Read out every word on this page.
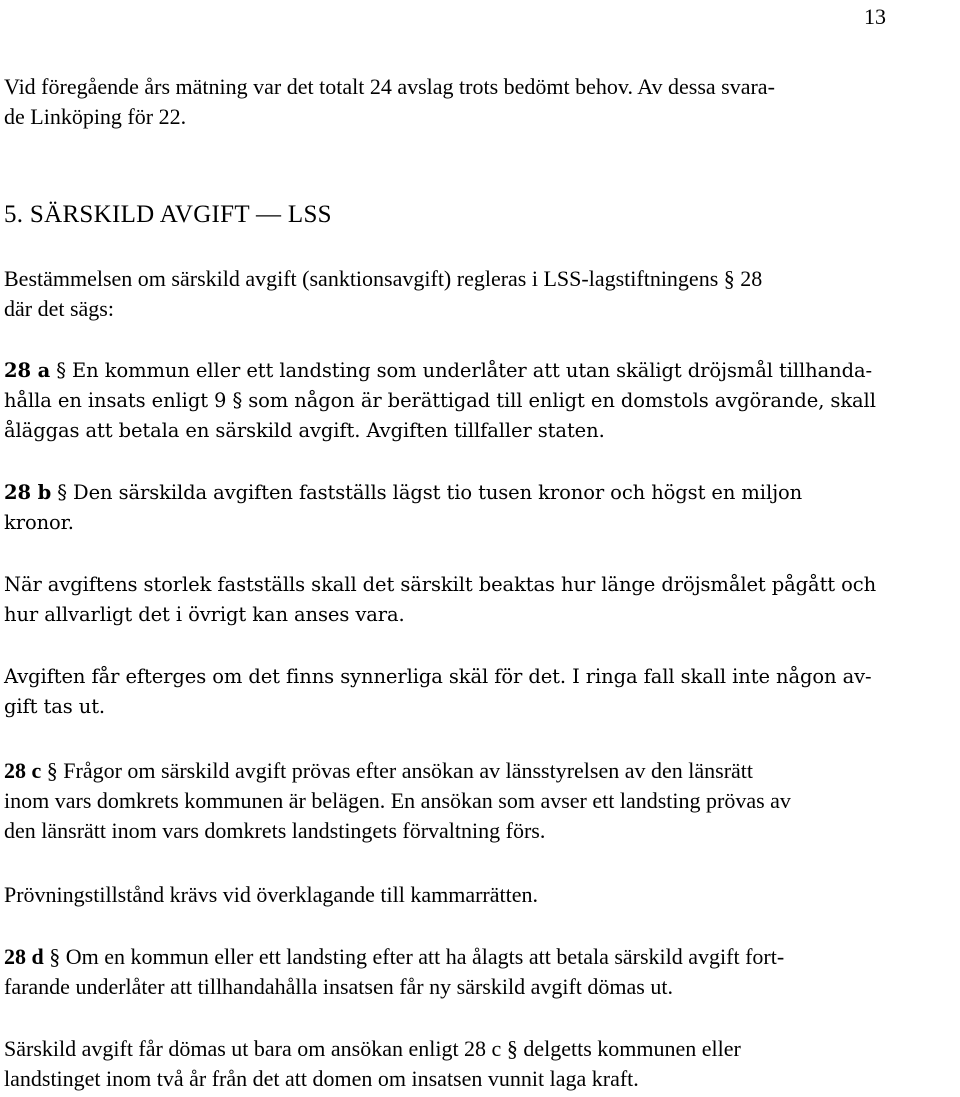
13

Vid föregående års mätning var det totalt 24 avslag trots bedömt behov. Av dessa svara-
de Linköping för 22.

5. SÄRSKILD AVGIFT — LSS

Bestämmelsen om särskild avgift (sanktionsavgift) regleras i LSS-lagstiftningens § 28
där det sägs:

28 a § En kommun eller ett landsting som underlåter att utan skäligt dröjsmål tillhanda-
hålla en insats enligt 9 § som någon är berättigad till enligt en domstols avgörande, skall
åläggas att betala en särskild avgift. Avgiften tillfaller staten.

28 b § Den särskilda avgiften fastställs lägst tio tusen kronor och högst en miljon
kronor.

När avgiftens storlek fastställs skall det särskilt beaktas hur länge dröjsmålet pågått och
hur allvarligt det i övrigt kan anses vara.

Avgiften får efterges om det finns synnerliga skäl för det. I ringa fall skall inte någon av-
gift tas ut.

28 c § Frågor om särskild avgift prövas efter ansökan av länsstyrelsen av den länsrätt
inom vars domkrets kommunen är belägen. En ansökan som avser ett landsting prövas av
den länsrätt inom vars domkrets landstingets förvaltning förs.

Prövningstillstånd krävs vid överklagande till kammarrätten.

28 d § Om en kommun eller ett landsting efter att ha ålagts att betala särskild avgift fort-
farande underlåter att tillhandahålla insatsen får ny särskild avgift dömas ut.

Särskild avgift får dömas ut bara om ansökan enligt 28 c § delgetts kommunen eller
landstinget inom två år från det att domen om insatsen vunnit laga kraft.
